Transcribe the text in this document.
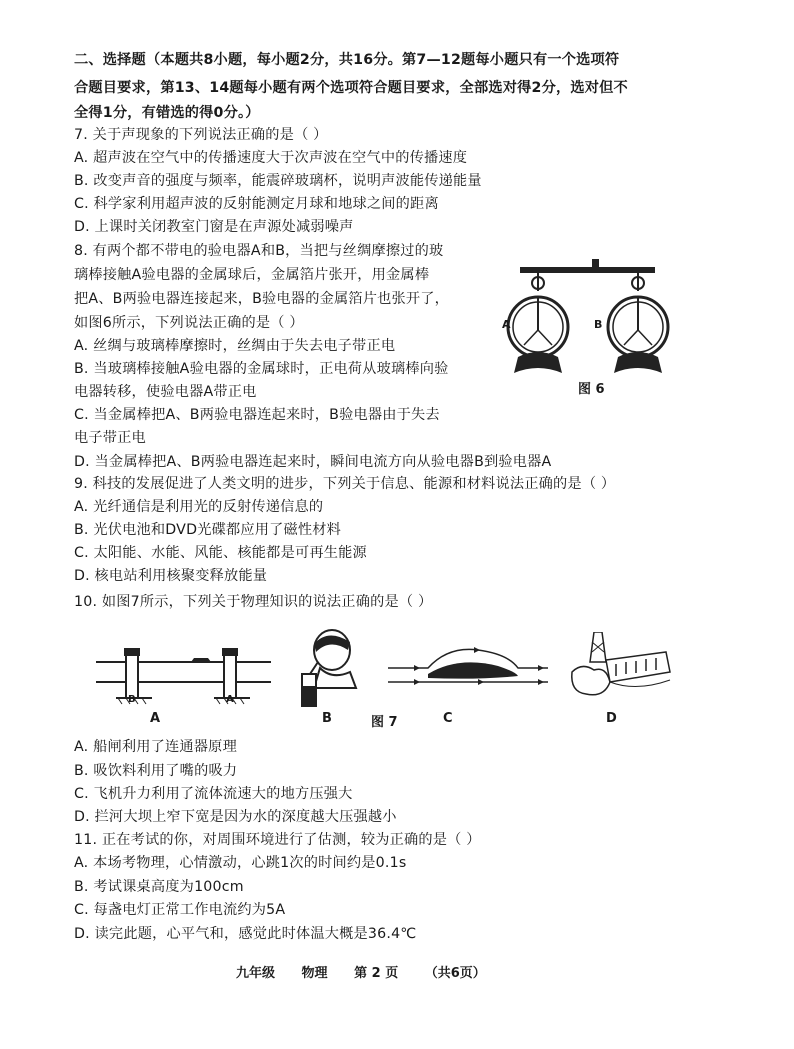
二、选择题（本题共8小题，每小题2分，共16分。第7—12题每小题只有一个选项符
合题目要求，第13、14题每小题有两个选项符合题目要求，全部选对得2分，选对但不
全得1分，有错选的得0分。）
7. 关于声现象的下列说法正确的是（ ）
A. 超声波在空气中的传播速度大于次声波在空气中的传播速度
B. 改变声音的强度与频率，能震碎玻璃杯，说明声波能传递能量
C. 科学家利用超声波的反射能测定月球和地球之间的距离
D. 上课时关闭教室门窗是在声源处减弱噪声
8. 有两个都不带电的验电器A和B，当把与丝绸摩擦过的玻
璃棒接触A验电器的金属球后，金属箔片张开，用金属棒
把A、B两验电器连接起来，B验电器的金属箔片也张开了，
如图6所示，下列说法正确的是（ ）
A. 丝绸与玻璃棒摩擦时，丝绸由于失去电子带正电
B. 当玻璃棒接触A验电器的金属球时，正电荷从玻璃棒向验
电器转移，使验电器A带正电
C. 当金属棒把A、B两验电器连起来时，B验电器由于失去
电子带正电
D. 当金属棒把A、B两验电器连起来时，瞬间电流方向从验电器B到验电器A
A	B
图 6
9. 科技的发展促进了人类文明的进步，下列关于信息、能源和材料说法正确的是（ ）
A. 光纤通信是利用光的反射传递信息的
B. 光伏电池和DVD光碟都应用了磁性材料
C. 太阳能、水能、风能、核能都是可再生能源
D. 核电站利用核聚变释放能量
10. 如图7所示，下列关于物理知识的说法正确的是（ ）
B	A
A	B	图 7	C	D
A. 船闸利用了连通器原理
B. 吸饮料利用了嘴的吸力
C. 飞机升力利用了流体流速大的地方压强大
D. 拦河大坝上窄下宽是因为水的深度越大压强越小
11. 正在考试的你，对周围环境进行了估测，较为正确的是（ ）
A. 本场考物理，心情激动，心跳1次的时间约是0.1s
B. 考试课桌高度为100cm
C. 每盏电灯正常工作电流约为5A
D. 读完此题，心平气和，感觉此时体温大概是36.4℃
九年级 物理 第 2 页 （共6页）
